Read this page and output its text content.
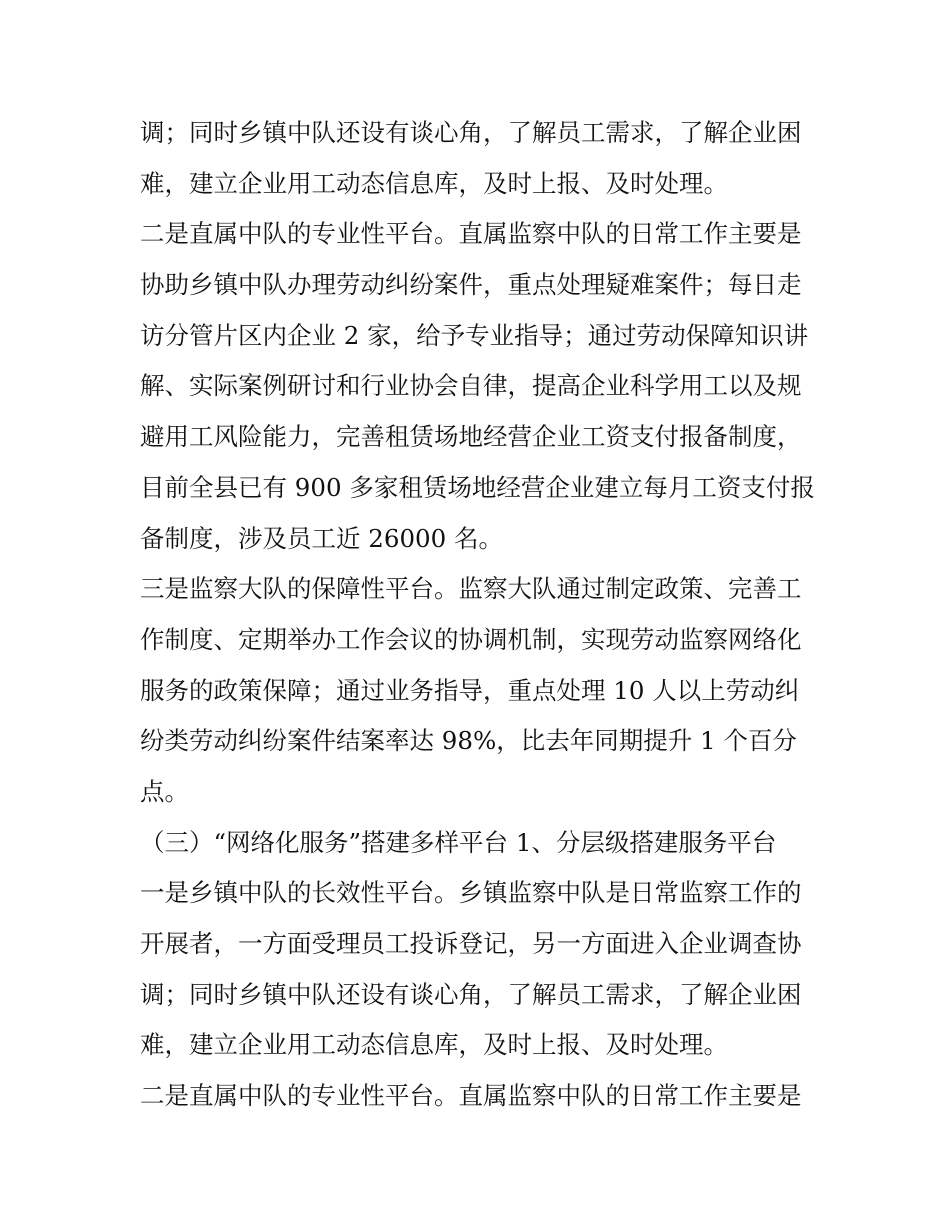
调；同时乡镇中队还设有谈心角，了解员工需求，了解企业困
难，建立企业用工动态信息库，及时上报、及时处理。
二是直属中队的专业性平台。直属监察中队的日常工作主要是
协助乡镇中队办理劳动纠纷案件，重点处理疑难案件；每日走
访分管片区内企业 2 家，给予专业指导；通过劳动保障知识讲
解、实际案例研讨和行业协会自律，提高企业科学用工以及规
避用工风险能力，完善租赁场地经营企业工资支付报备制度，
目前全县已有 900 多家租赁场地经营企业建立每月工资支付报
备制度，涉及员工近 26000 名。
三是监察大队的保障性平台。监察大队通过制定政策、完善工
作制度、定期举办工作会议的协调机制，实现劳动监察网络化
服务的政策保障；通过业务指导，重点处理 10 人以上劳动纠
纷类劳动纠纷案件结案率达 98%，比去年同期提升 1 个百分
点。
（三）“网络化服务”搭建多样平台 1、分层级搭建服务平台
一是乡镇中队的长效性平台。乡镇监察中队是日常监察工作的
开展者，一方面受理员工投诉登记，另一方面进入企业调查协
调；同时乡镇中队还设有谈心角，了解员工需求，了解企业困
难，建立企业用工动态信息库，及时上报、及时处理。
二是直属中队的专业性平台。直属监察中队的日常工作主要是
